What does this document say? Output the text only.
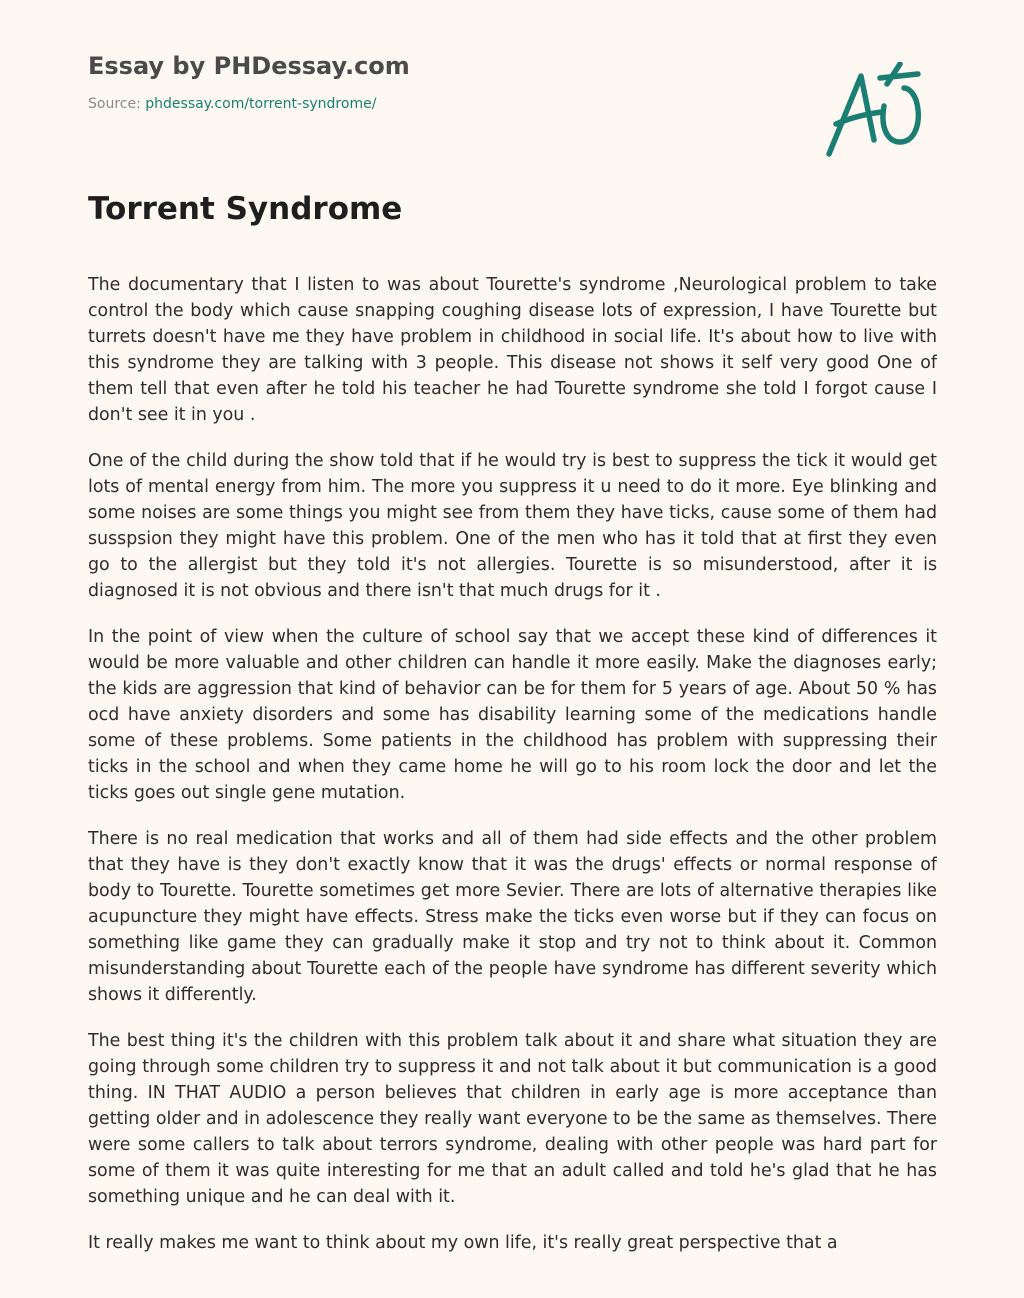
Essay by PHDessay.com
Source: phdessay.com/torrent-syndrome/
Torrent Syndrome

The documentary that I listen to was about Tourette's syndrome ,Neurological problem to take control the body which cause snapping coughing disease lots of expression, I have Tourette but turrets doesn't have me they have problem in childhood in social life. It's about how to live with this syndrome they are talking with 3 people. This disease not shows it self very good One of them tell that even after he told his teacher he had Tourette syndrome she told I forgot cause I don't see it in you .

One of the child during the show told that if he would try is best to suppress the tick it would get lots of mental energy from him. The more you suppress it u need to do it more. Eye blinking and some noises are some things you might see from them they have ticks, cause some of them had susspsion they might have this problem. One of the men who has it told that at first they even go to the allergist but they told it's not allergies. Tourette is so misunderstood, after it is diagnosed it is not obvious and there isn't that much drugs for it .

In the point of view when the culture of school say that we accept these kind of differences it would be more valuable and other children can handle it more easily. Make the diagnoses early; the kids are aggression that kind of behavior can be for them for 5 years of age. About 50 % has ocd have anxiety disorders and some has disability learning some of the medications handle some of these problems. Some patients in the childhood has problem with suppressing their ticks in the school and when they came home he will go to his room lock the door and let the ticks goes out single gene mutation.

There is no real medication that works and all of them had side effects and the other problem that they have is they don't exactly know that it was the drugs' effects or normal response of body to Tourette. Tourette sometimes get more Sevier. There are lots of alternative therapies like acupuncture they might have effects. Stress make the ticks even worse but if they can focus on something like game they can gradually make it stop and try not to think about it. Common misunderstanding about Tourette each of the people have syndrome has different severity which shows it differently.

The best thing it's the children with this problem talk about it and share what situation they are going through some children try to suppress it and not talk about it but communication is a good thing. IN THAT AUDIO a person believes that children in early age is more acceptance than getting older and in adolescence they really want everyone to be the same as themselves. There were some callers to talk about terrors syndrome, dealing with other people was hard part for some of them it was quite interesting for me that an adult called and told he's glad that he has something unique and he can deal with it.

It really makes me want to think about my own life, it's really great perspective that a
